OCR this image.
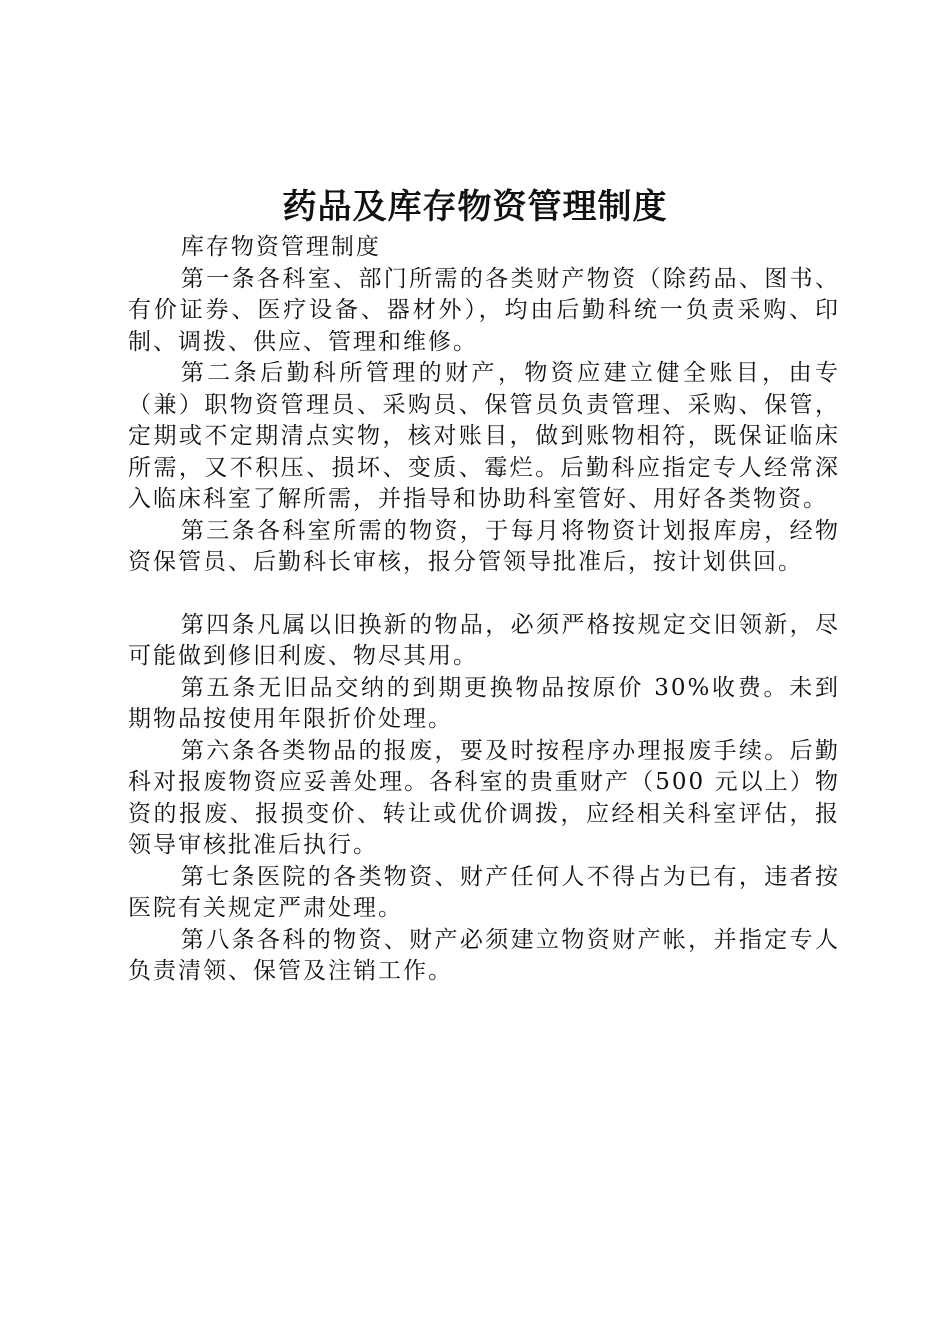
药品及库存物资管理制度

库存物资管理制度

第一条各科室、部门所需的各类财产物资（除药品、图书、有价证券、医疗设备、器材外），均由后勤科统一负责采购、印制、调拨、供应、管理和维修。

第二条后勤科所管理的财产，物资应建立健全账目，由专（兼）职物资管理员、采购员、保管员负责管理、采购、保管，定期或不定期清点实物，核对账目，做到账物相符，既保证临床所需，又不积压、损坏、变质、霉烂。后勤科应指定专人经常深入临床科室了解所需，并指导和协助科室管好、用好各类物资。

第三条各科室所需的物资，于每月将物资计划报库房，经物资保管员、后勤科长审核，报分管领导批准后，按计划供回。

第四条凡属以旧换新的物品，必须严格按规定交旧领新，尽可能做到修旧利废、物尽其用。

第五条无旧品交纳的到期更换物品按原价 30%收费。未到期物品按使用年限折价处理。

第六条各类物品的报废，要及时按程序办理报废手续。后勤科对报废物资应妥善处理。各科室的贵重财产（500 元以上）物资的报废、报损变价、转让或优价调拨，应经相关科室评估，报领导审核批准后执行。

第七条医院的各类物资、财产任何人不得占为已有，违者按医院有关规定严肃处理。

第八条各科的物资、财产必须建立物资财产帐，并指定专人负责清领、保管及注销工作。
